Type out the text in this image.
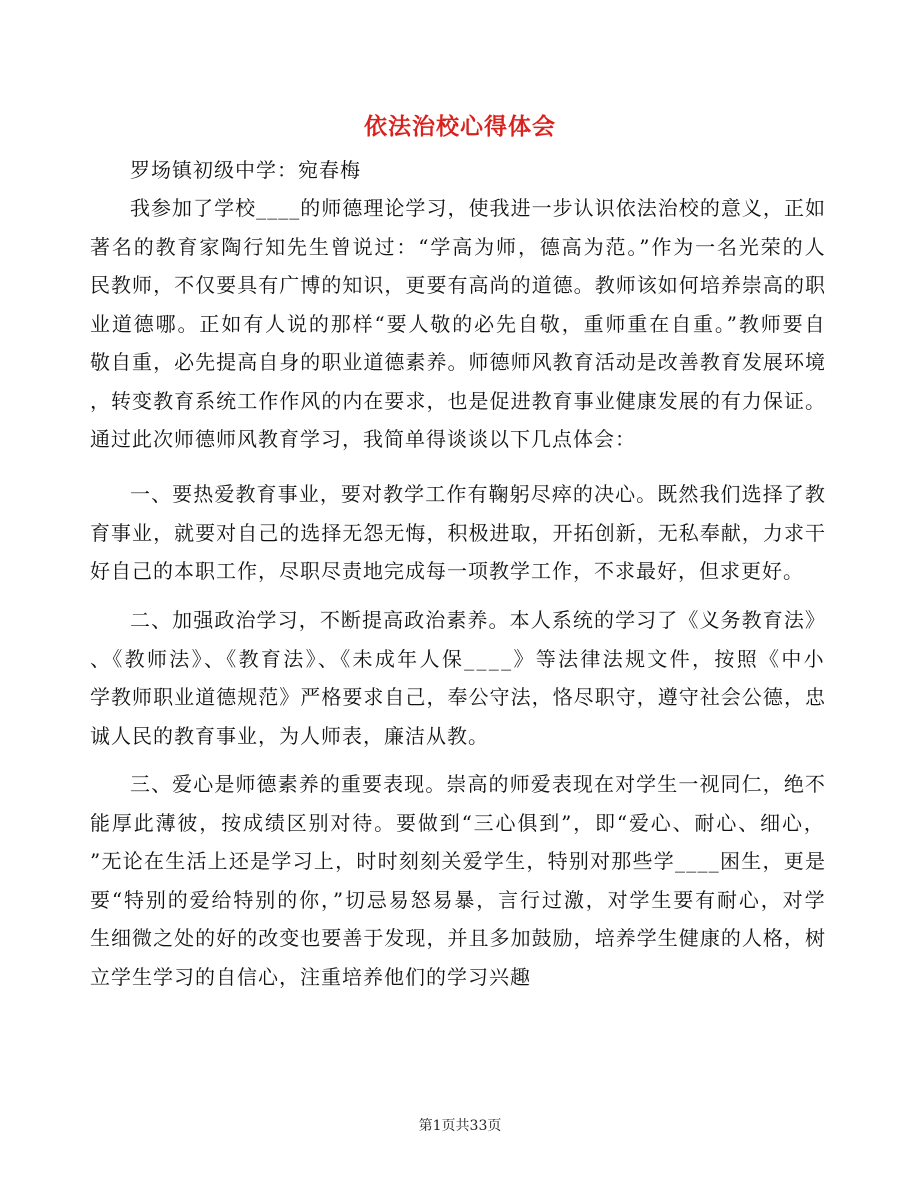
依法治校心得体会
罗场镇初级中学：宛春梅
我参加了学校____的师德理论学习，使我进一步认识依法治校的意义，正如
著名的教育家陶行知先生曾说过：“学高为师，德高为范。”作为一名光荣的人
民教师，不仅要具有广博的知识，更要有高尚的道德。教师该如何培养崇高的职
业道德哪。正如有人说的那样“要人敬的必先自敬，重师重在自重。”教师要自
敬自重，必先提高自身的职业道德素养。师德师风教育活动是改善教育发展环境
，转变教育系统工作作风的内在要求，也是促进教育事业健康发展的有力保证。
通过此次师德师风教育学习，我简单得谈谈以下几点体会：
一、要热爱教育事业，要对教学工作有鞠躬尽瘁的决心。既然我们选择了教
育事业，就要对自己的选择无怨无悔，积极进取，开拓创新，无私奉献，力求干
好自己的本职工作，尽职尽责地完成每一项教学工作，不求最好，但求更好。
二、加强政治学习，不断提高政治素养。本人系统的学习了《义务教育法》
、《教师法》、《教育法》、《未成年人保____》等法律法规文件，按照《中小
学教师职业道德规范》严格要求自己，奉公守法，恪尽职守，遵守社会公德，忠
诚人民的教育事业，为人师表，廉洁从教。
三、爱心是师德素养的重要表现。崇高的师爱表现在对学生一视同仁，绝不
能厚此薄彼，按成绩区别对待。要做到“三心俱到”，即“爱心、耐心、细心，
”无论在生活上还是学习上，时时刻刻关爱学生，特别对那些学____困生，更是
要“特别的爱给特别的你，”切忌易怒易暴，言行过激，对学生要有耐心，对学
生细微之处的好的改变也要善于发现，并且多加鼓励，培养学生健康的人格，树
立学生学习的自信心，注重培养他们的学习兴趣
第1页共33页
